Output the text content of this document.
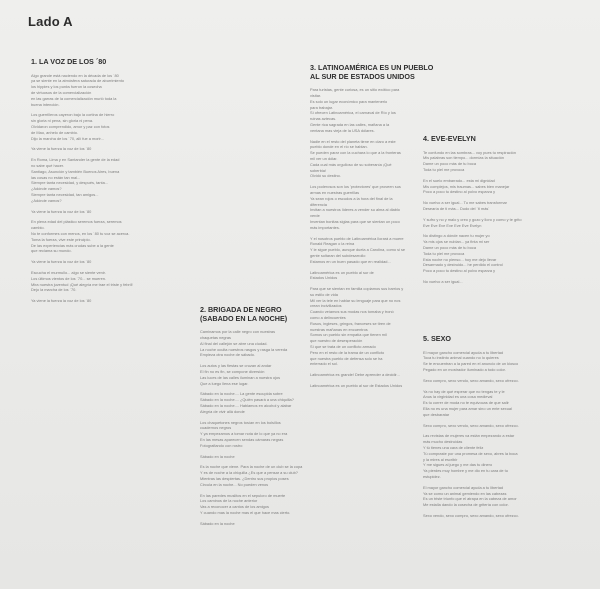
Lado A
1. LA VOZ DE LOS ´80
Algo grande está naciendo en la década de los ´80
ya se siente en la atmósfera saturada de aburrimiento
los hippies y los punks fueron la cosecha
de virtuosos de la comercialización
en las garras de la comercialización murió toda la
buena intención.
Los guerrilleros cayeron bajo la cortina de hierro
sin gloria ni pena, sin gloria ni pena.
Olvidaron comprendido, amor y paz con fotos
de Mao, anhelo de cambio.
Dijo la marcha de los ´70, allí fue a morir...
Ya viene la fuerza la voz de los ´80
En Roma, Lima y en Santander la gente de la edad
no sabe qué hacer.
Santiago, Asunción y también Buenos Aires, buena
las cosas no están tan mal...
Siempre tanta necesidad, y después, tanta...
¿Adónde vamos?
Siempre tanta necesidad, tan amigos...
¿Adónde vamos?
Ya viene la fuerza la voz de los ´80
En plena edad del plástico seremos fuerza, seremos
cambio.
No te conformes con menos, en los ´80 tu voz se acerca.
Toma la fuerza, vive este principio.
De las experiencias más crudas sube a la gente
que reclama su mundo.
Ya viene la fuerza la voz de los ´80
Escucha el murmullo... algo se siente venir.
Los últimos vientos de los ´70... se mueren.
Mira nuestra juventud ¡Qué alegría me trae el triste y febril!
Dejo la marcha de los ´70.
Ya viene la fuerza la voz de los ´80
2. BRIGADA DE NEGRO
(SABADO EN LA NOCHE)
Caminamos por la calle negro con nuestras
chaquetas negras
Al final del callejón se abre una ciudad.
La noche oculta nuestros rasgos y rasga la vereda
Empieza otra noche de sábado.
Los autos y las fiestas se cruzan al andar
El fin no es fin, se compone diversión
Las luces de las calles iluminan a nuestra ojos
Que a luego llena ese lugar.
Sábado en la noche.... La gente escupida sobre
Sábado en la noche.... ¿Quién pasará a una chiquilla?
Sábado en la noche.... Hablamos en alcohol y alabar
Alegría de vivir allá donde
Los chaquetones negros tosían en los bolsillos
cuadernos negros
Y ya empezamos a tomar nota de lo que ya no era
En las mesas aparecen sendas cámaras negras
Fotografiando con rostro
Sábado en la noche
Es la noche que viene. Para la noche de un club se la copa
Y es de noche a la chiquilla ¿Es que a pensar a su club?
Mientras las despiertas. ¿Dentro sus propios poses
Circula en la noche... No pueden venos
En las paredes muslitos en el sepulcro de muerte
Los caminos de la noche anterior
Vas a reconocer a cantos de los amigos
Y cuando mas la noche mas el que hace mas cierto.
Sábado en la noche
3. LATINOAMÉRICA ES UN PUEBLO
AL SUR DE ESTADOS UNIDOS
Para turistas, gente curiosa, es un sitio exótico para
visitar.
Es solo un lugar económico para mantenerlo
para trabajar.
Sí ofrecen Latinoamérica, el carnaval de Río y los
ruinas aztecas.
Gente rica sagrada en las calles, mañana a la
ventana mas vieja de la USA dólares.
Nadie en el resto del planeta tiene en claro a este
pueblo donde en el río se hablan.
Se pueden parar con la cuchara lo que a la fronteras
mil ver un dólar.
Cada cual más orgulloso de su soberanía ¡Qué
soberbia!
Olvidó su destino.
Los poderosos son los 'protectores' que proveen sus
armas en nuestras guerrillas
Ya sean rojos o escudos a la hora del final de la
diferencia
Invitan a nuestros líderes a vender su alma al diablo
verde
Inventan bonitas siglas para que se sientan un poco
más importantes.
Y el nosotros pueblo de Latinoamérica llorará a muere
Ronald Reagan o la reina
Y le sigue pueblo, aunque duela a Carolina, como si se
gente soltaran del subdesarrollo
Estamos en un buen pasado que en realidad...
Latinoamérica es un pueblo al sur de
Estados Unidos
Para que se sientan en familia copiamos sus barrios y
su estilo de vida
Mil ver la tele en hablar su lenguaje para que no nos
crean incivilizados
Cuando veíamos sus modas nos tomaba y tronó
como a delincuentes
Rusos, ingleses, gringos, franceses se tiren de
nuestras mañanas en encuentros
Somos un pueblo sin empatía que tienen mil
que nuestro de desesperación
Sí que se trata de un conflicto armado
Pero en el resto de la trama de un conflicto
que nuestra pueblo de defensa solo se ha
enterrado el sol.
Latinoamérica es grande! Debe aprender a decidir...
Latinoamérica es un pueblo al sur de Estados Unidos
4. EVE-EVELYN
Te confundo en las sombras... voy pues tu respiración
Mis palabras son tiempo... dormías la situación
Dame un poco más de tu boca
Toda tu piel me provoca
En el suelo embarrado... esta mi dignidad
Mis complejos, mis traumas... sabes bien manejar
Poco a poco tu destino al polvo esparza y
No vuelvo a ser igual... Tu me sabes transformar
Desearía de ti más... Dudo del ´ti más´
Y sufro y no y malo y creo y gozo y lloro y como y te grito
Eve Eve Eve Eve Eve Eve Evelyn
No distingo a dónde nacen tu mujer yo
Ya mis ojos se nublan... ya finta mi ser
Dame un poco más de tu boca
Toda tu piel me provoca
Esta noche no pienso... hoy me dejo llevar
Desarmado y destruido... he perdido el control
Poco a poco tu destino al polvo esparza y
No vuelvo a ser igual...
5. SEXO
El mayor gancho comercial ayuda a tu libertad
Toca tu instinto animal cuando no lo quieres
Se te encuentran a la pared en el anuncio de un kiosco
Pegado en un mostrador iluminado a todo color.
Sexo compro, sexo vendo, sexo amando, sexo ofrezco.
Ya no hay de qué esperar que no tengas te y le
Anus la virginidad es una cosa medieval
Es tu correr de moda no te equivocas de que salir
Ella no es una mujer para amar sino un ente sexual
que desbaratar
Sexo compro, sexo vendo, sexo amando, sexo ofrezco.
Las revistas de mujeres va están empezando a estar
más mucho destruídas
Y tú tienes una cara de cliente feliz
Tú compraste por una promesa de sexo, abres la boca
y la mires al escribir
Y me sigues al juego y me das tu dinero
Ya pierdes muy hombre y me dio en tu cara de tu
estupidez.
El mayor gancho comercial ayuda a tu libertad
Ya se como un animal gemiendo en las cabezas
Es un triste triunfo que el atrapa en la cabeza de amor
Me estalla dando la cosecha de gritería con color.
Sexo vendo, sexo compro, sexo amando, sexo ofrezco.
